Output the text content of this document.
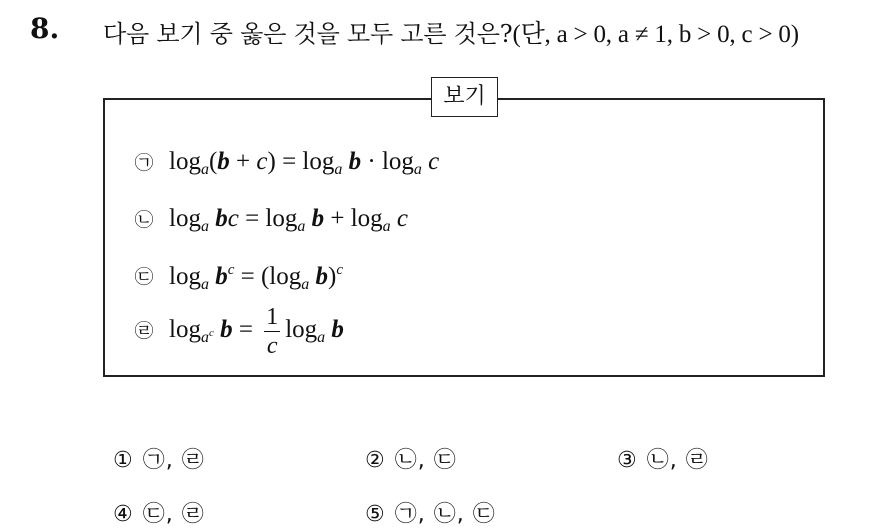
8. 다음 보기 중 옳은 것을 모두 고른 것은?(단, a > 0, a ≠ 1, b > 0, c > 0)
보기
㉠ $\log_a(b + c) = \log_a b \cdot \log_a c$
㉡ $\log_a$ bc = $\log_a b + \log_a c$
㉢ $\log_a b^c = (\log_a$ b)$^c$
㉣ $\log_{a^c} b = \frac{1}{c} \log_a b$
① ㉠, ㉣	② ㉡, ㉢	③ ㉡, ㉣
④ ㉢, ㉣	⑤ ㉠, ㉡, ㉢
